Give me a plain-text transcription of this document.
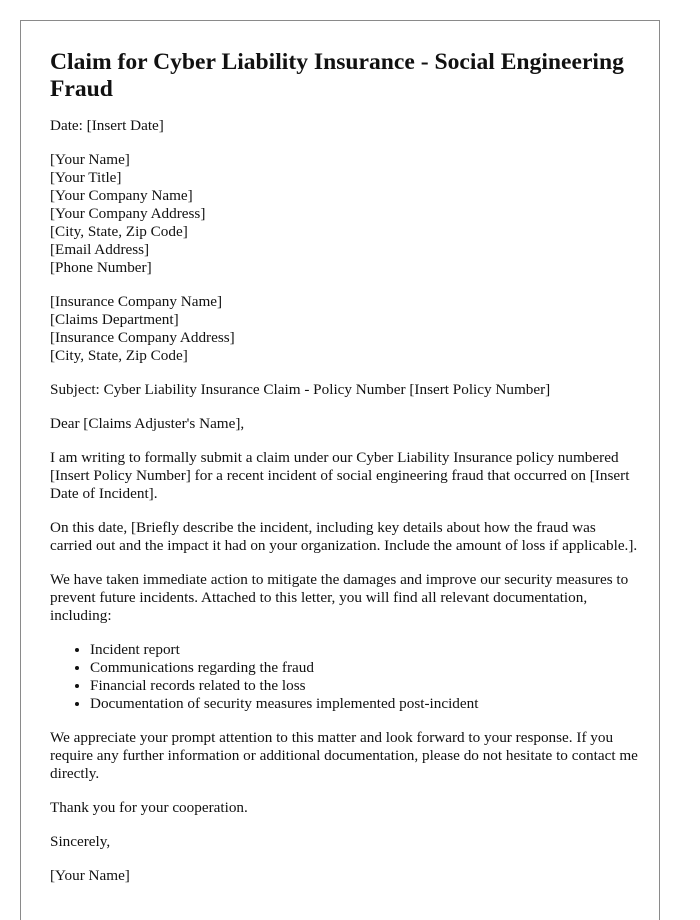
Claim for Cyber Liability Insurance - Social Engineering Fraud

Date: [Insert Date]

[Your Name]
[Your Title]
[Your Company Name]
[Your Company Address]
[City, State, Zip Code]
[Email Address]
[Phone Number]
[Insurance Company Name]
[Claims Department]
[Insurance Company Address]
[City, State, Zip Code]

Subject: Cyber Liability Insurance Claim - Policy Number [Insert Policy Number]

Dear [Claims Adjuster's Name],

I am writing to formally submit a claim under our Cyber Liability Insurance policy numbered [Insert Policy Number] for a recent incident of social engineering fraud that occurred on [Insert Date of Incident].

On this date, [Briefly describe the incident, including key details about how the fraud was carried out and the impact it had on your organization. Include the amount of loss if applicable.].

We have taken immediate action to mitigate the damages and improve our security measures to prevent future incidents. Attached to this letter, you will find all relevant documentation, including:

• Incident report
• Communications regarding the fraud
• Financial records related to the loss
• Documentation of security measures implemented post-incident

We appreciate your prompt attention to this matter and look forward to your response. If you require any further information or additional documentation, please do not hesitate to contact me directly.

Thank you for your cooperation.

Sincerely,

[Your Name]
